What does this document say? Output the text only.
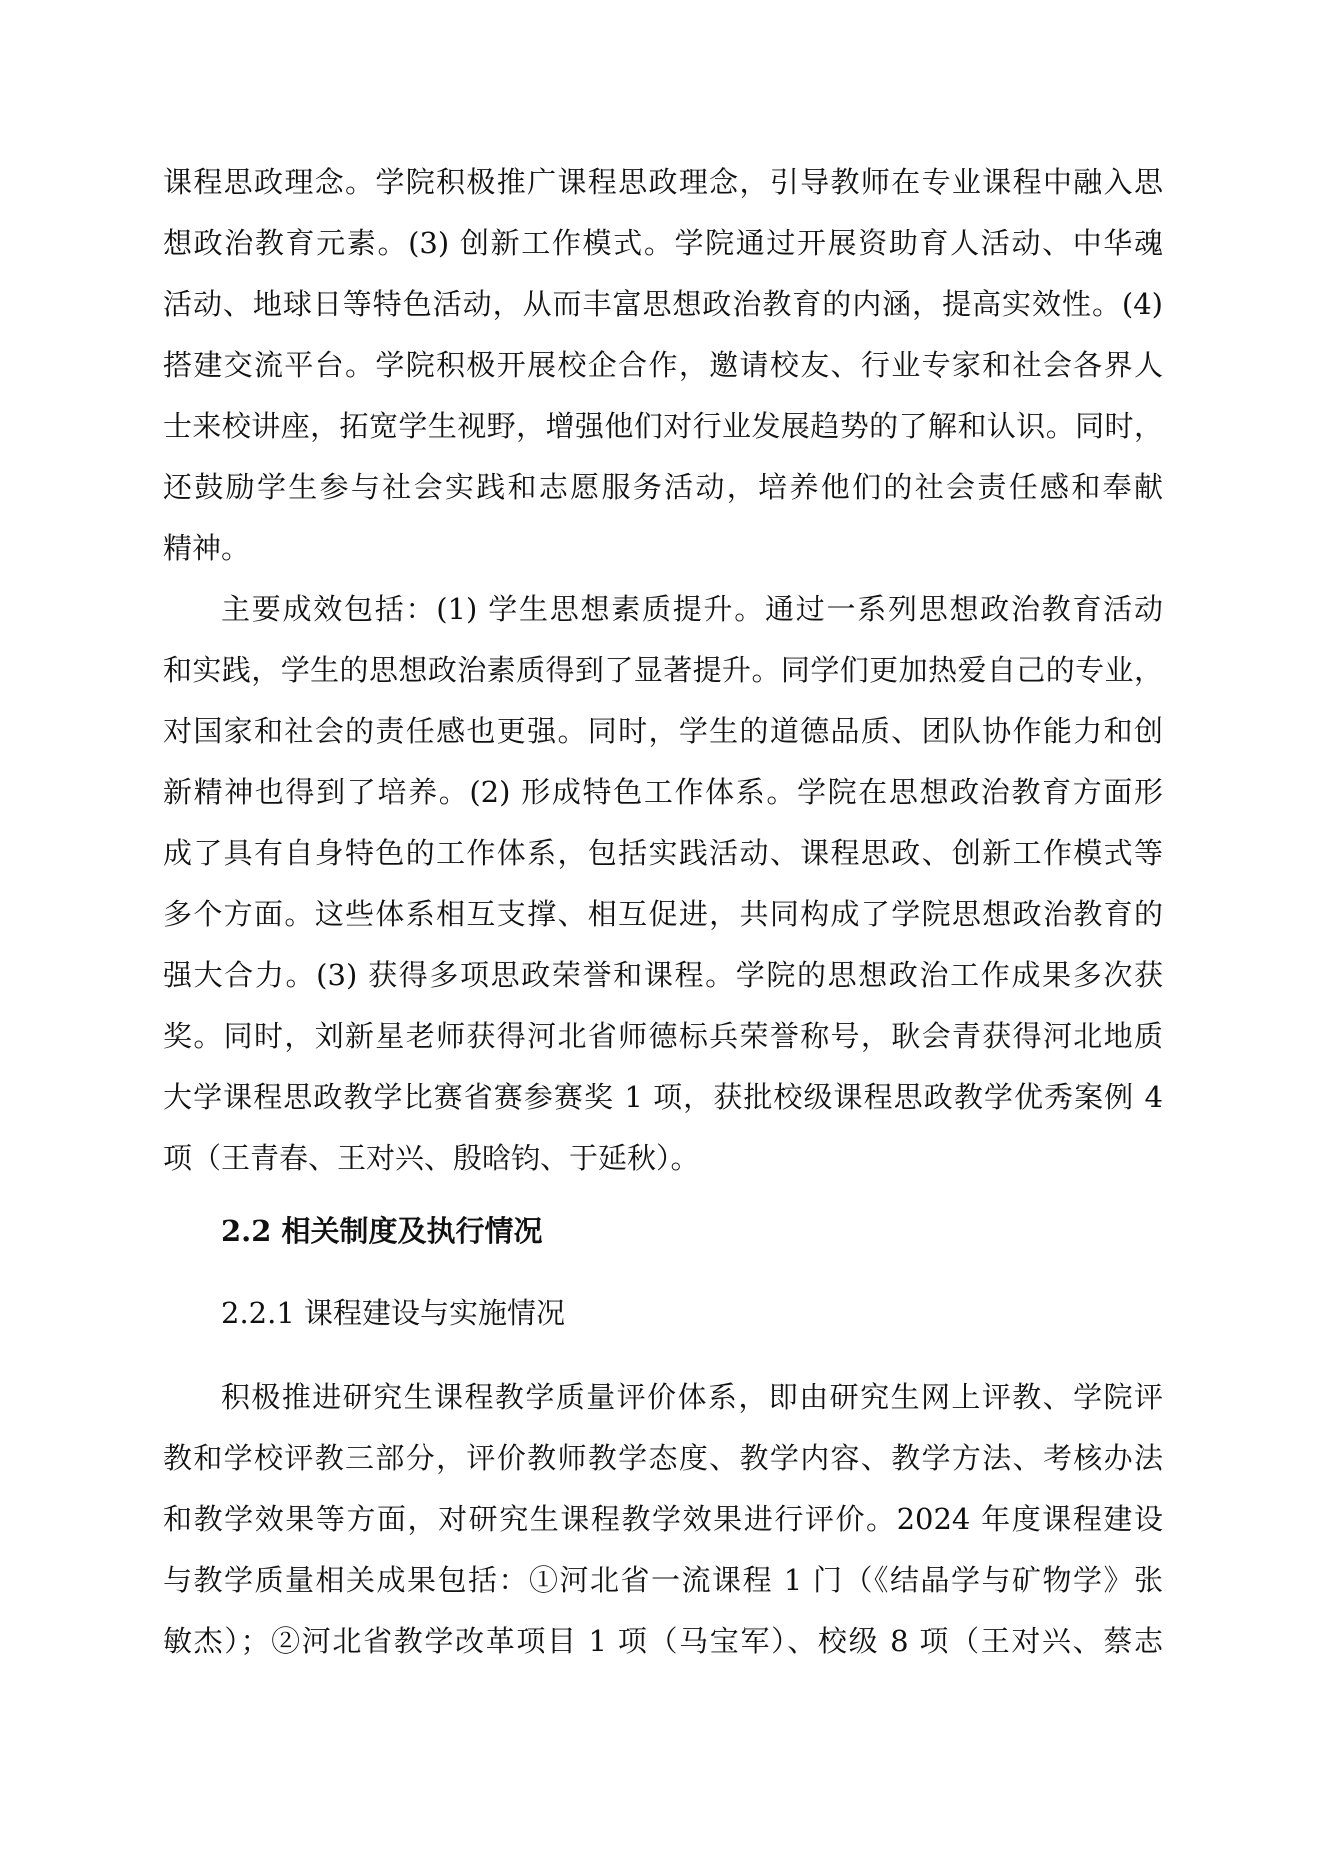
课程思政理念。学院积极推广课程思政理念，引导教师在专业课程中融入思
想政治教育元素。(3) 创新工作模式。学院通过开展资助育人活动、中华魂
活动、地球日等特色活动，从而丰富思想政治教育的内涵，提高实效性。(4)
搭建交流平台。学院积极开展校企合作，邀请校友、行业专家和社会各界人
士来校讲座，拓宽学生视野，增强他们对行业发展趋势的了解和认识。同时，
还鼓励学生参与社会实践和志愿服务活动，培养他们的社会责任感和奉献
精神。
主要成效包括：(1) 学生思想素质提升。通过一系列思想政治教育活动
和实践，学生的思想政治素质得到了显著提升。同学们更加热爱自己的专业，
对国家和社会的责任感也更强。同时，学生的道德品质、团队协作能力和创
新精神也得到了培养。(2) 形成特色工作体系。学院在思想政治教育方面形
成了具有自身特色的工作体系，包括实践活动、课程思政、创新工作模式等
多个方面。这些体系相互支撑、相互促进，共同构成了学院思想政治教育的
强大合力。(3) 获得多项思政荣誉和课程。学院的思想政治工作成果多次获
奖。同时，刘新星老师获得河北省师德标兵荣誉称号，耿会青获得河北地质
大学课程思政教学比赛省赛参赛奖 1 项，获批校级课程思政教学优秀案例 4
项（王青春、王对兴、殷晗钧、于延秋）。
2.2 相关制度及执行情况
2.2.1 课程建设与实施情况
积极推进研究生课程教学质量评价体系，即由研究生网上评教、学院评
教和学校评教三部分，评价教师教学态度、教学内容、教学方法、考核办法
和教学效果等方面，对研究生课程教学效果进行评价。2024 年度课程建设
与教学质量相关成果包括：①河北省一流课程 1 门（《结晶学与矿物学》张
敏杰）；②河北省教学改革项目 1 项（马宝军）、校级 8 项（王对兴、蔡志
